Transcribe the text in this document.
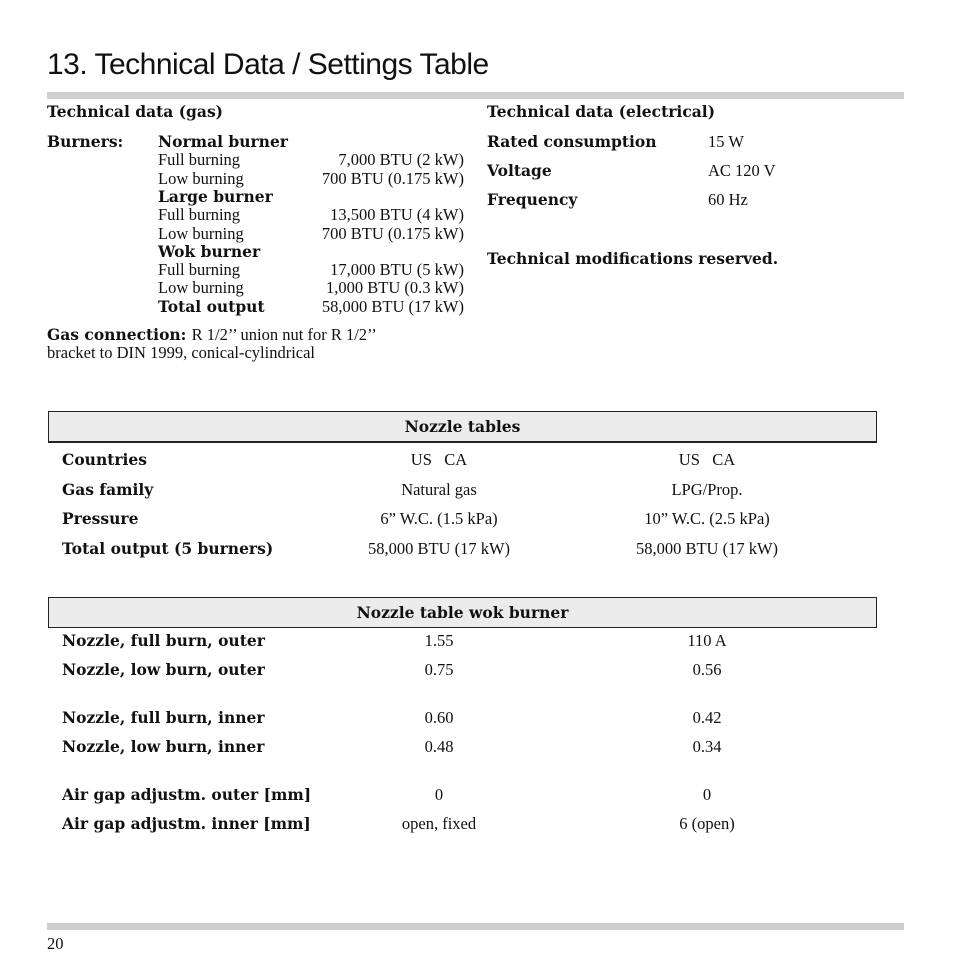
13. Technical Data / Settings Table
Technical data (gas)
Burners: Normal burner
Full burning	7,000 BTU (2 kW)
Low burning	700 BTU (0.175 kW)
Large burner
Full burning	13,500 BTU (4 kW)
Low burning	700 BTU (0.175 kW)
Wok burner
Full burning	17,000 BTU (5 kW)
Low burning	1,000 BTU (0.3 kW)
Total output	58,000 BTU (17 kW)
Gas connection: R 1/2’’ union nut for R 1/2’’
bracket to DIN 1999, conical-cylindrical
Technical data (electrical)
Rated consumption	15 W
Voltage	AC 120 V
Frequency	60 Hz
Technical modifications reserved.
Nozzle tables
Countries	US   CA	US   CA
Gas family	Natural gas	LPG/Prop.
Pressure	6” W.C. (1.5 kPa)	10” W.C. (2.5 kPa)
Total output (5 burners)	58,000 BTU (17 kW)	58,000 BTU (17 kW)
Nozzle table wok burner
Nozzle, full burn, outer	1.55	110 A
Nozzle, low burn, outer	0.75	0.56
Nozzle, full burn, inner	0.60	0.42
Nozzle, low burn, inner	0.48	0.34
Air gap adjustm. outer [mm]	0	0
Air gap adjustm. inner [mm]	open, fixed	6 (open)
20
